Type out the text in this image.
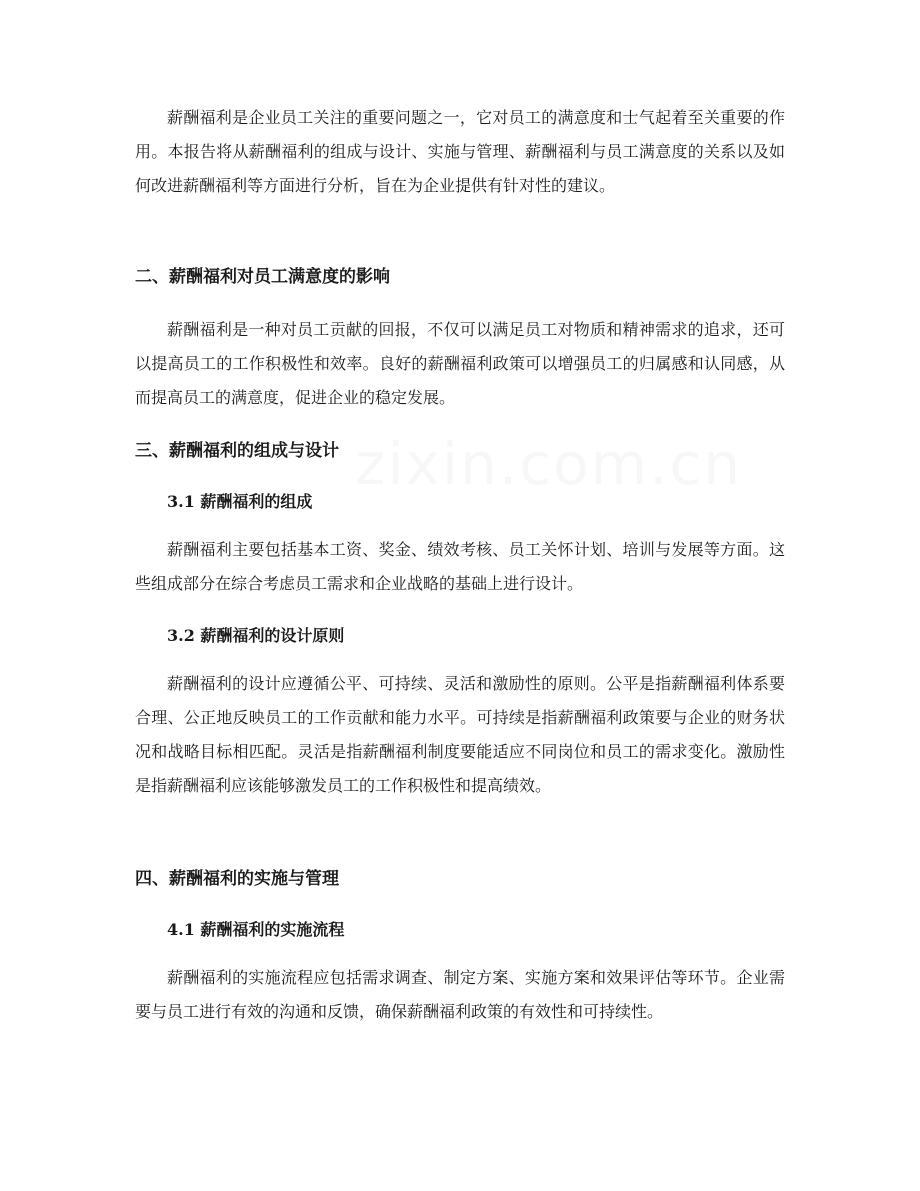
zixin.com.cn

薪酬福利是企业员工关注的重要问题之一，它对员工的满意度和士气起着至关重要的作用。本报告将从薪酬福利的组成与设计、实施与管理、薪酬福利与员工满意度的关系以及如何改进薪酬福利等方面进行分析，旨在为企业提供有针对性的建议。

二、薪酬福利对员工满意度的影响

薪酬福利是一种对员工贡献的回报，不仅可以满足员工对物质和精神需求的追求，还可以提高员工的工作积极性和效率。良好的薪酬福利政策可以增强员工的归属感和认同感，从而提高员工的满意度，促进企业的稳定发展。

三、薪酬福利的组成与设计
3.1 薪酬福利的组成

薪酬福利主要包括基本工资、奖金、绩效考核、员工关怀计划、培训与发展等方面。这些组成部分在综合考虑员工需求和企业战略的基础上进行设计。

3.2 薪酬福利的设计原则

薪酬福利的设计应遵循公平、可持续、灵活和激励性的原则。公平是指薪酬福利体系要合理、公正地反映员工的工作贡献和能力水平。可持续是指薪酬福利政策要与企业的财务状况和战略目标相匹配。灵活是指薪酬福利制度要能适应不同岗位和员工的需求变化。激励性是指薪酬福利应该能够激发员工的工作积极性和提高绩效。

四、薪酬福利的实施与管理
4.1 薪酬福利的实施流程

薪酬福利的实施流程应包括需求调查、制定方案、实施方案和效果评估等环节。企业需要与员工进行有效的沟通和反馈，确保薪酬福利政策的有效性和可持续性。
